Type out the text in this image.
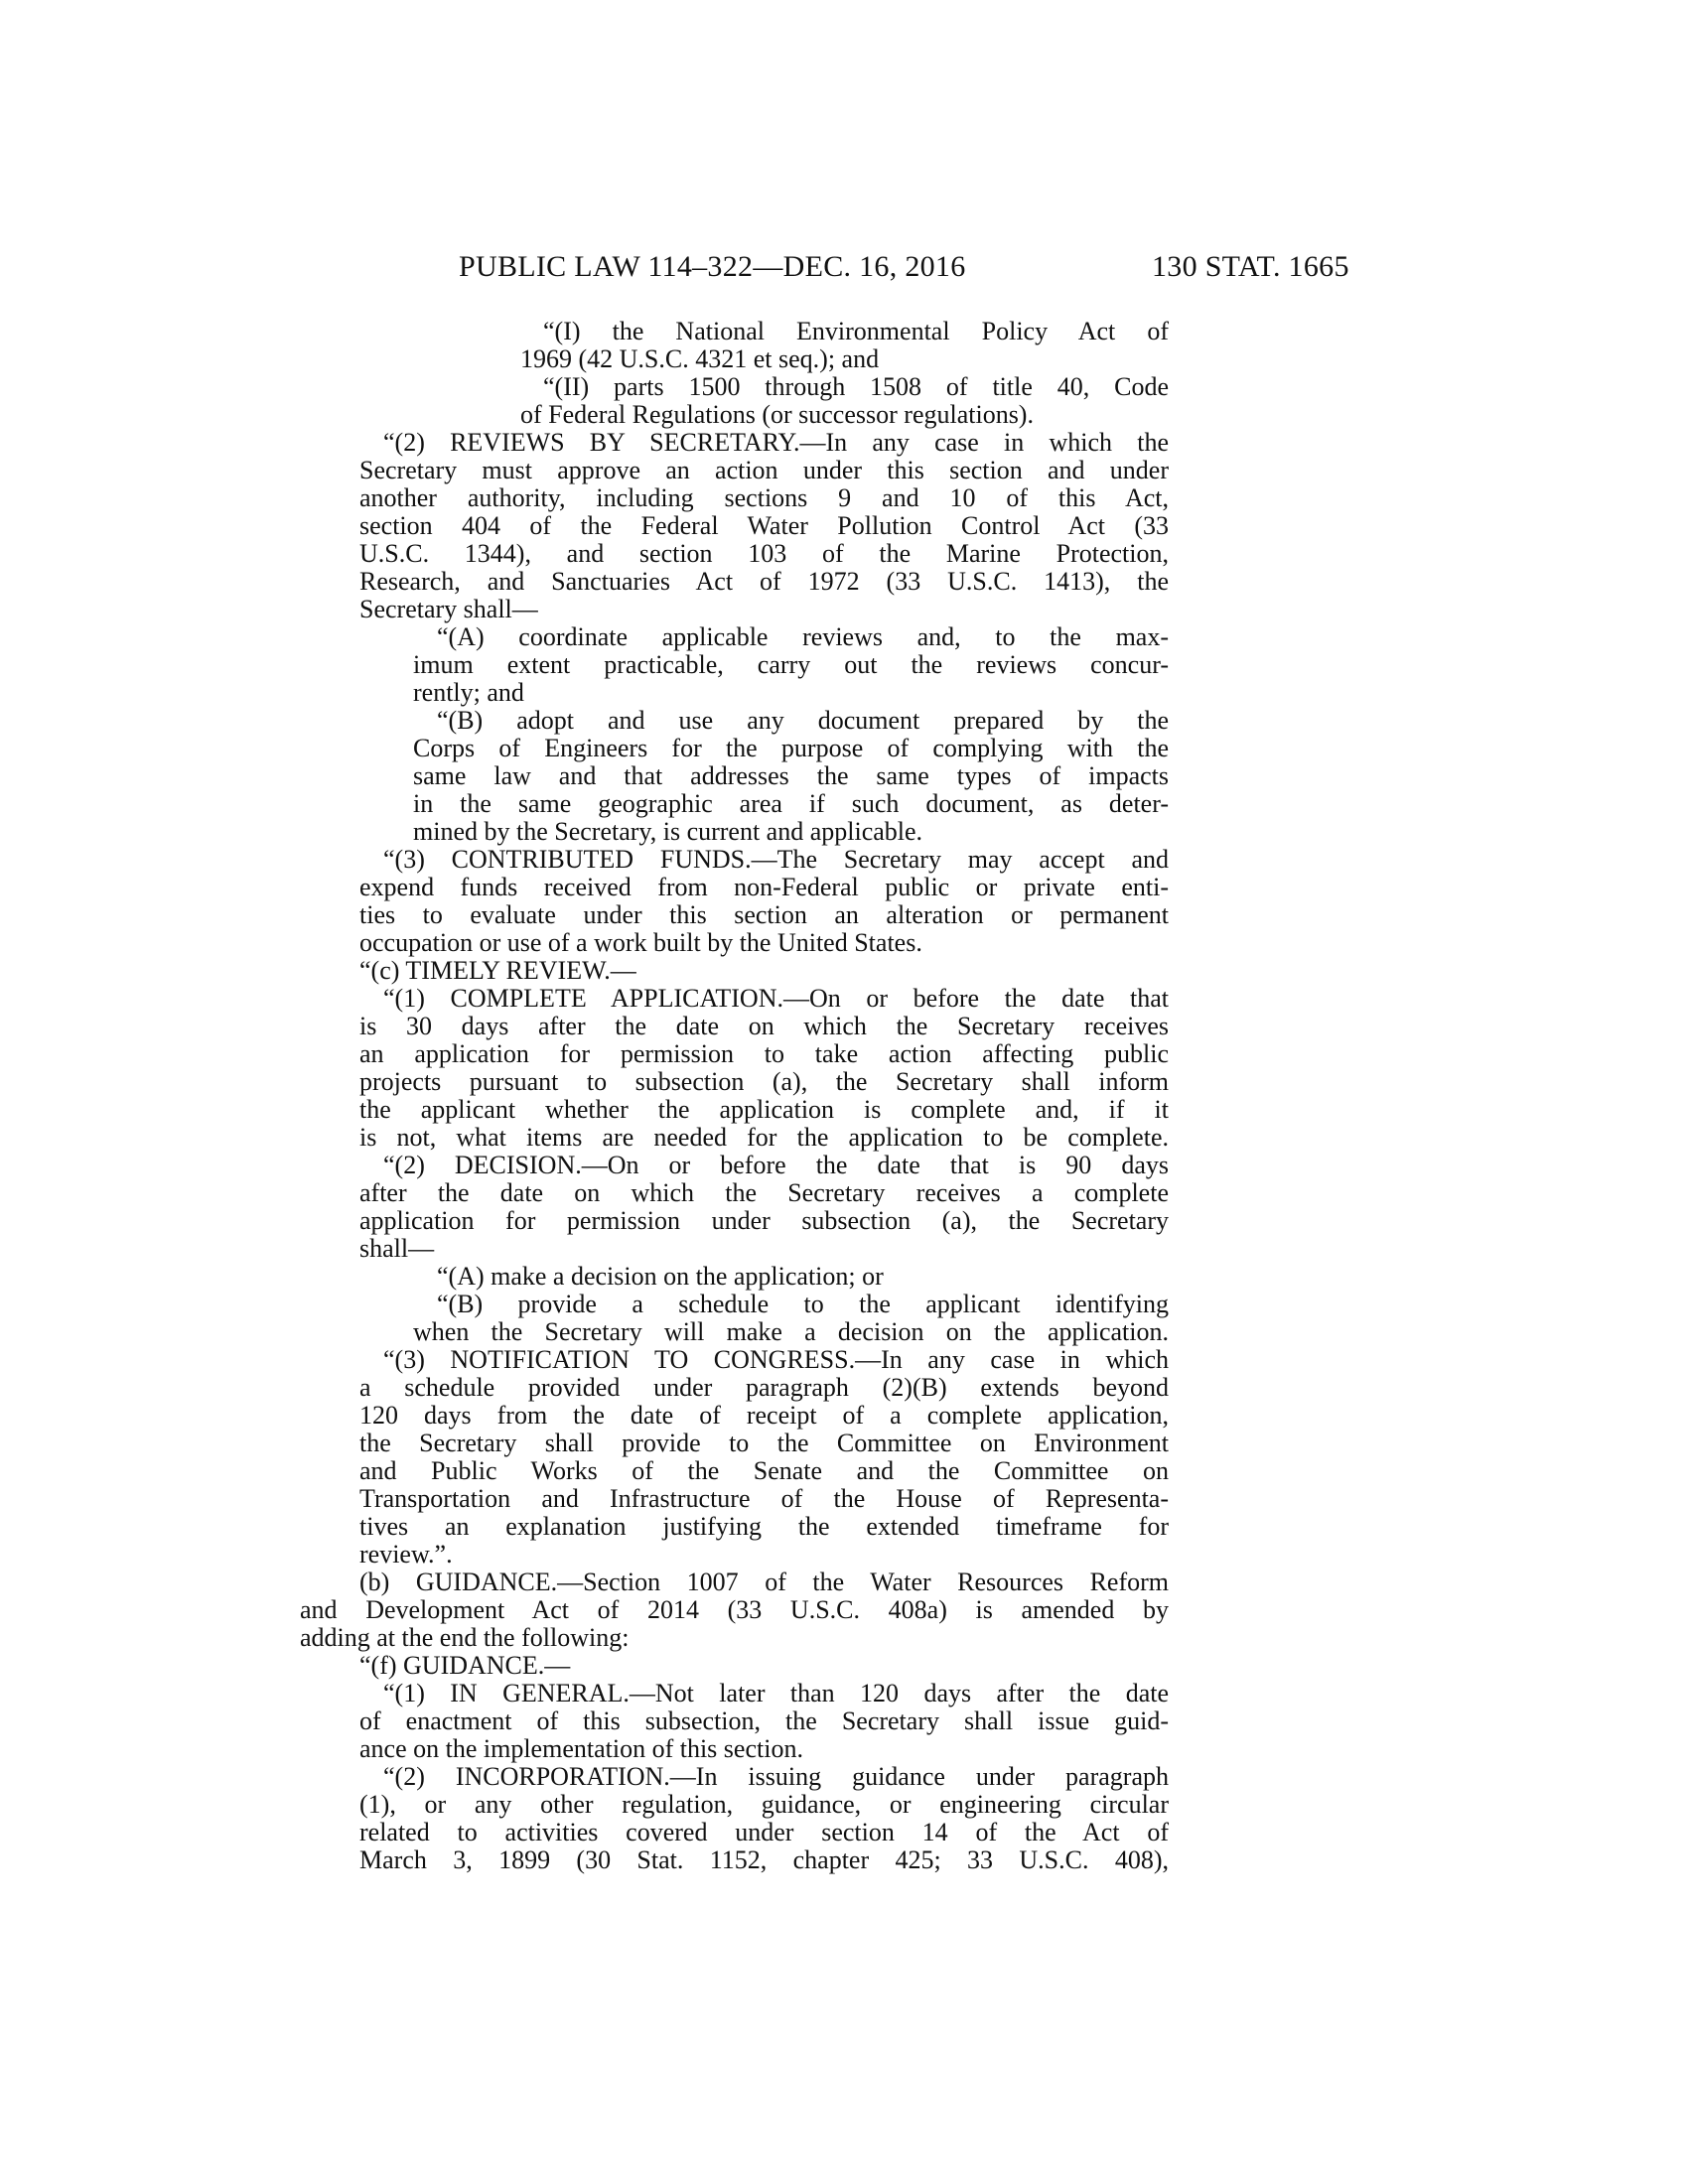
PUBLIC LAW 114–322—DEC. 16, 2016	130 STAT. 1665
“(I) the National Environmental Policy Act of
1969 (42 U.S.C. 4321 et seq.); and
“(II) parts 1500 through 1508 of title 40, Code
of Federal Regulations (or successor regulations).
“(2) REVIEWS BY SECRETARY.—In any case in which the
Secretary must approve an action under this section and under
another authority, including sections 9 and 10 of this Act,
section 404 of the Federal Water Pollution Control Act (33
U.S.C. 1344), and section 103 of the Marine Protection,
Research, and Sanctuaries Act of 1972 (33 U.S.C. 1413), the
Secretary shall—
“(A) coordinate applicable reviews and, to the max-
imum extent practicable, carry out the reviews concur-
rently; and
“(B) adopt and use any document prepared by the
Corps of Engineers for the purpose of complying with the
same law and that addresses the same types of impacts
in the same geographic area if such document, as deter-
mined by the Secretary, is current and applicable.
“(3) CONTRIBUTED FUNDS.—The Secretary may accept and
expend funds received from non-Federal public or private enti-
ties to evaluate under this section an alteration or permanent
occupation or use of a work built by the United States.
“(c) TIMELY REVIEW.—
“(1) COMPLETE APPLICATION.—On or before the date that
is 30 days after the date on which the Secretary receives
an application for permission to take action affecting public
projects pursuant to subsection (a), the Secretary shall inform
the applicant whether the application is complete and, if it
is not, what items are needed for the application to be complete.
“(2) DECISION.—On or before the date that is 90 days
after the date on which the Secretary receives a complete
application for permission under subsection (a), the Secretary
shall—
“(A) make a decision on the application; or
“(B) provide a schedule to the applicant identifying
when the Secretary will make a decision on the application.
“(3) NOTIFICATION TO CONGRESS.—In any case in which
a schedule provided under paragraph (2)(B) extends beyond
120 days from the date of receipt of a complete application,
the Secretary shall provide to the Committee on Environment
and Public Works of the Senate and the Committee on
Transportation and Infrastructure of the House of Representa-
tives an explanation justifying the extended timeframe for
review.”.
(b) GUIDANCE.—Section 1007 of the Water Resources Reform
and Development Act of 2014 (33 U.S.C. 408a) is amended by
adding at the end the following:
“(f) GUIDANCE.—
“(1) IN GENERAL.—Not later than 120 days after the date
of enactment of this subsection, the Secretary shall issue guid-
ance on the implementation of this section.
“(2) INCORPORATION.—In issuing guidance under paragraph
(1), or any other regulation, guidance, or engineering circular
related to activities covered under section 14 of the Act of
March 3, 1899 (30 Stat. 1152, chapter 425; 33 U.S.C. 408),
